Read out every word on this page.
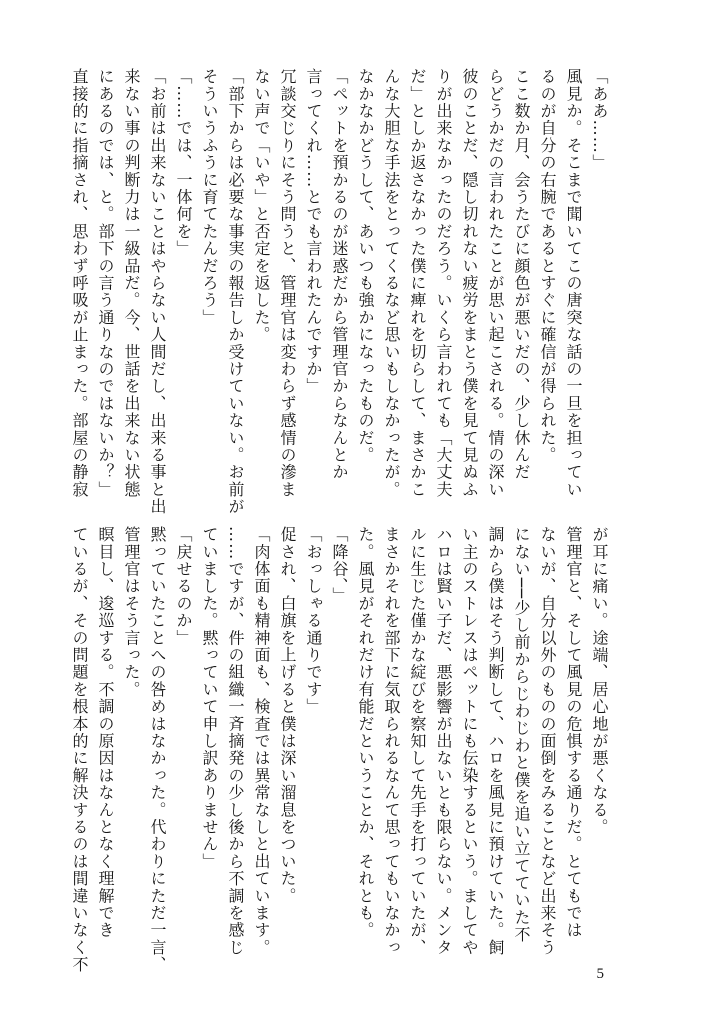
「ああ……」
風見か。そこまで聞いてこの唐突な話の一旦を担ってい
るのが自分の右腕であるとすぐに確信が得られた。
ここ数か月、会うたびに顔色が悪いだの、少し休んだ
らどうかだの言われたことが思い起こされる。情の深い
彼のことだ、隠し切れない疲労をまとう僕を見て見ぬふ
りが出来なかったのだろう。いくら言われても「大丈夫
だ」としか返さなかった僕に痺れを切らして、まさかこ
んな大胆な手法をとってくるなど思いもしなかったが。
なかなかどうして、あいつも強かになったものだ。
「ペットを預かるのが迷惑だから管理官からなんとか
言ってくれ……とでも言われたんですか」
冗談交じりにそう問うと、管理官は変わらず感情の滲ま
ない声で「いや」と否定を返した。
「部下からは必要な事実の報告しか受けていない。お前が
そういうふうに育てたんだろう」
「……では、一体何を」
「お前は出来ないことはやらない人間だし、出来る事と出
来ない事の判断力は一級品だ。今、世話を出来ない状態
にあるのでは、と。部下の言う通りなのではないか？」
直接的に指摘され、思わず呼吸が止まった。部屋の静寂
が耳に痛い。途端、居心地が悪くなる。
管理官と、そして風見の危惧する通りだ。とてもでは
ないが、自分以外のものの面倒をみることなど出来そう
にない──少し前からじわじわと僕を追い立てていた不
調から僕はそう判断して、ハロを風見に預けていた。飼
い主のストレスはペットにも伝染するという。ましてや
ハロは賢い子だ、悪影響が出ないとも限らない。メンタ
ルに生じた僅かな綻びを察知して先手を打っていたが、
まさかそれを部下に気取られるなんて思ってもいなかっ
た。風見がそれだけ有能だということか、それとも。
「降谷、」
「おっしゃる通りです」
促され、白旗を上げると僕は深い溜息をついた。
「肉体面も精神面も、検査では異常なしと出ています。
……ですが、件の組織一斉摘発の少し後から不調を感じ
ていました。黙っていて申し訳ありません」
「戻せるのか」
黙っていたことへの咎めはなかった。代わりにただ一言、
管理官はそう言った。
瞑目し、逡巡する。不調の原因はなんとなく理解でき
ているが、その問題を根本的に解決するのは間違いなく不
5
